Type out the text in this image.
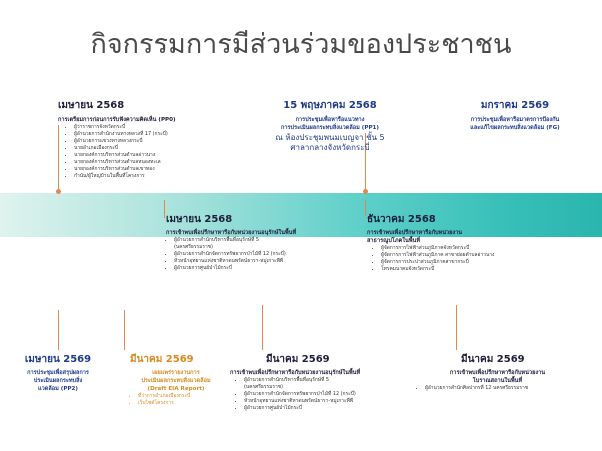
กิจกรรมการมีส่วนร่วมของประชาชน
เมษายน 2568
การเตรียมการก่อนการรับฟังความคิดเห็น (PP0)
• ผู้ว่าราชการจังหวัดกระบี่
• ผู้อำนวยการสำนักงานทางหลวงที่ 17 (กระบี่)
• ผู้อำนวยการแขวงทางหลวงกระบี่
• นายอำเภอเมืองกระบี่
• นายกองค์การบริหารส่วนตำบลอ่าวนาง
• นายกองค์การบริหารส่วนตำบลหนองทะเล
• นายกองค์การบริหารส่วนตำบลเขาทอง
• กำนัน/ผู้ใหญ่บ้านในพื้นที่โครงการ
15 พฤษภาคม 2568
การประชุมเพื่อหารือแนวทาง
การประเมินผลกระทบสิ่งแวดล้อม (PP1)
ณ ห้องประชุมพนมเบญจา ชั้น 5
ศาลากลางจังหวัดกระบี่
มกราคม 2569
การประชุมเพื่อหารือมาตรการป้องกัน
และแก้ไขผลกระทบสิ่งแวดล้อม (FG)
เมษายน 2568
การเข้าพบเพื่อปรึกษาหารือกับหน่วยงานอนุรักษ์ในพื้นที่
• ผู้อำนวยการสำนักบริหารพื้นที่อนุรักษ์ที่ 5
(นครศรีธรรมราช)
• ผู้อำนวยการสำนักจัดการทรัพยากรป่าไม้ที่ 12 (กระบี่)
• หัวหน้าอุทยานแห่งชาติหาดนพรัตน์ธารา-หมู่เกาะพีพี
• ผู้อำนวยการศูนย์ป่าไม้กระบี่
ธันวาคม 2568
การเข้าพบเพื่อปรึกษาหารือกับหน่วยงาน
สาธารณูปโภคในพื้นที่
• ผู้จัดการการไฟฟ้าส่วนภูมิภาคจังหวัดกระบี่
• ผู้จัดการการไฟฟ้าส่วนภูมิภาค สาขาย่อยตำบลอ่าวนาง
• ผู้จัดการการประปาส่วนภูมิภาคสาขากระบี่
• โทรคมนาคมจังหวัดกระบี่
เมษายน 2569
การประชุมเพื่อสรุปผลการ
ประเมินผลกระทบสิ่ง
แวดล้อม (PP2)
มีนาคม 2569
เผยแพร่รายงานการ
ประเมินผลกระทบสิ่งแวดล้อม
(Draft EIA Report)
• ที่ว่าการอำเภอเมืองกระบี่
• เว็บไซต์โครงการ
มีนาคม 2569
การเข้าพบเพื่อปรึกษาหารือกับหน่วยงานอนุรักษ์ในพื้นที่
• ผู้อำนวยการสำนักบริหารพื้นที่อนุรักษ์ที่ 5
(นครศรีธรรมราช)
• ผู้อำนวยการสำนักจัดการทรัพยากรป่าไม้ที่ 12 (กระบี่)
• หัวหน้าอุทยานแห่งชาติหาดนพรัตน์ธารา-หมู่เกาะพีพี
• ผู้อำนวยการศูนย์ป่าไม้กระบี่
มีนาคม 2569
การเข้าพบเพื่อปรึกษาหารือกับหน่วยงาน
โบราณสถานในพื้นที่
• ผู้อำนวยการสำนักศิลปากรที่ 12 นครศรีธรรมราช
